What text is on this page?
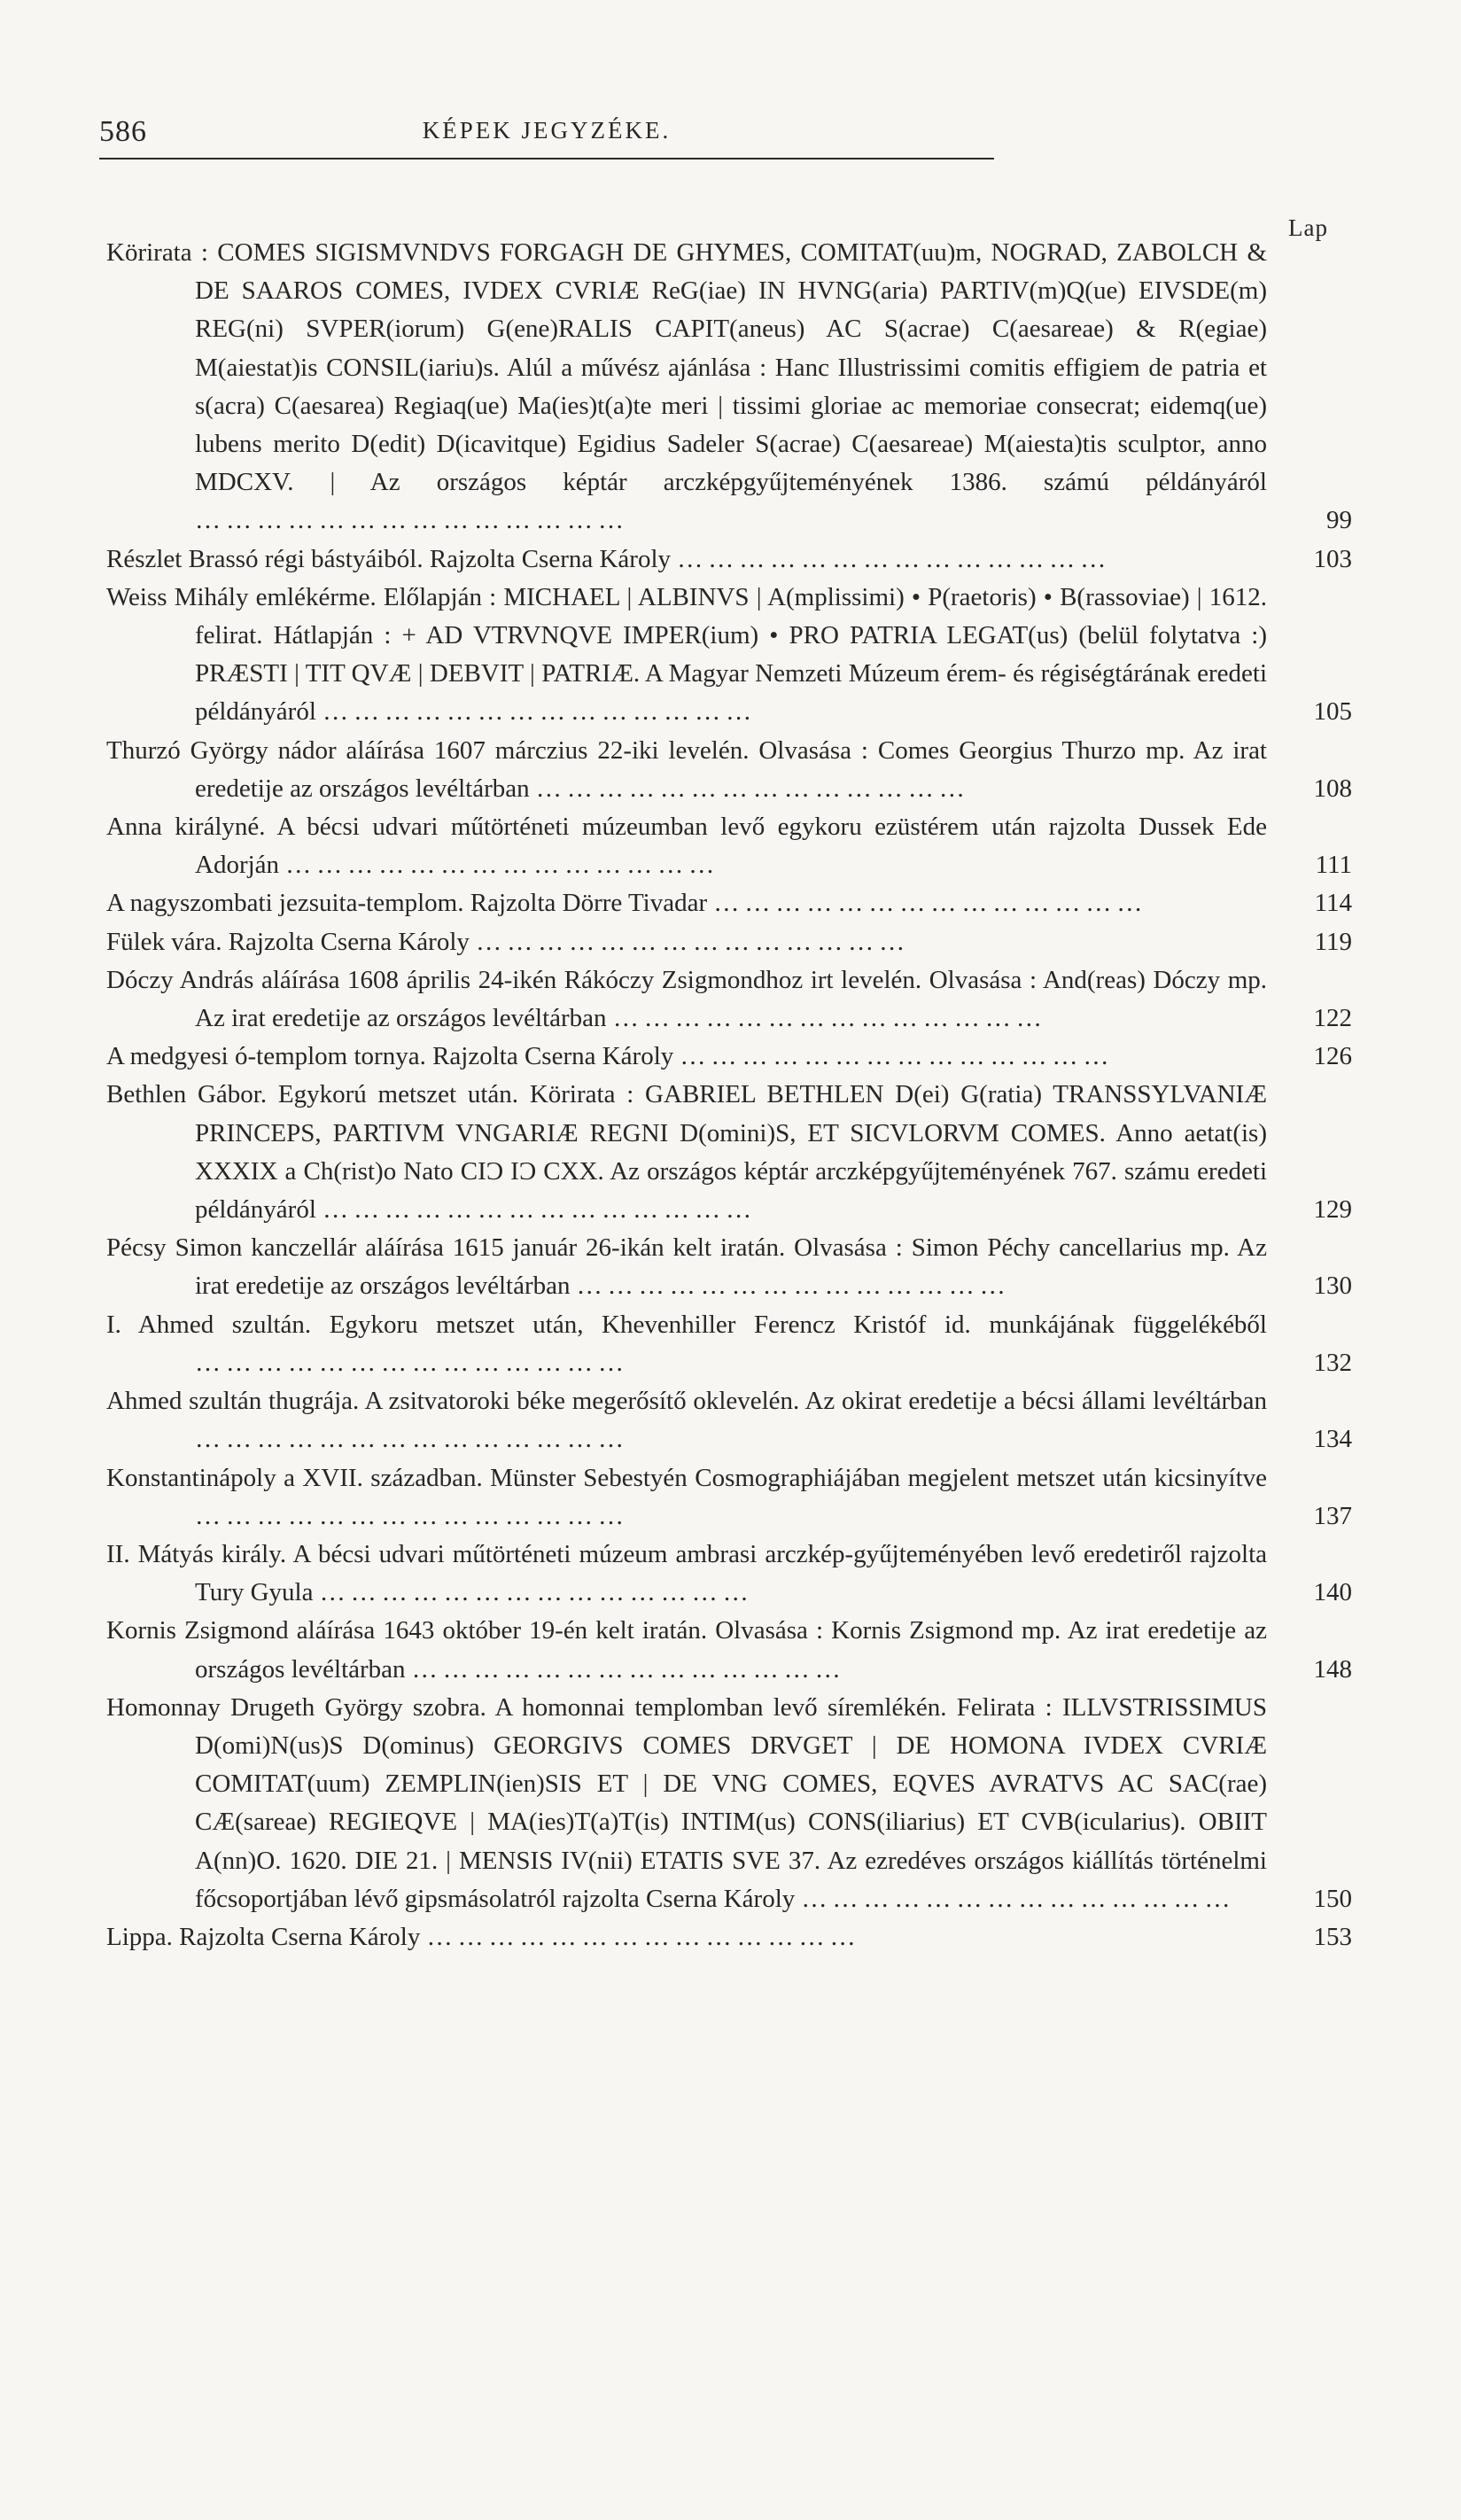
586	KÉPEK JEGYZÉKE.
Lap
Körirata : COMES SIGISMVNDVS FORGAGH DE GHYMES, COMITAT(uu)m, NOGRAD, ZABOLCH & DE SAAROS COMES, IVDEX CVRIÆ ReG(iae) IN HVNG(aria) PARTIV(m)Q(ue) EIVSDE(m) REG(ni) SVPER(iorum) G(ene)RALIS CAPIT(aneus) AC S(acrae) C(aesareae) & R(egiae) M(aiestat)is CONSIL(iariu)s. Alúl a művész ajánlása : Hanc Illustrissimi comitis effigiem de patria et s(acra) C(aesarea) Regiaq(ue) Ma(ies)t(a)te meri | tissimi gloriae ac memoriae consecrat; eidemq(ue) lubens merito D(edit) D(icavitque) Egidius Sadeler S(acrae) C(aesareae) M(aiesta)tis sculptor, anno MDCXV. | Az országos képtár arczképgyűjteményének 1386. számú példányáról ……………………………………	99
Részlet Brassó régi bástyáiból. Rajzolta Cserna Károly ……………………………………	103
Weiss Mihály emlékérme. Előlapján : MICHAEL | ALBINVS | A(mplissimi) • P(raetoris) • B(rassoviae) | 1612. felirat. Hátlapján : + AD VTRVNQVE IMPER(ium) • PRO PATRIA LEGAT(us) (belül folytatva :) PRÆSTI | TIT QVÆ | DEBVIT | PATRIÆ. A Magyar Nemzeti Múzeum érem- és régiségtárának eredeti példányáról ……………………………………	105
Thurzó György nádor aláírása 1607 márczius 22-iki levelén. Olvasása : Comes Georgius Thurzo mp. Az irat eredetije az országos levéltárban ……………………………………	108
Anna királyné. A bécsi udvari műtörténeti múzeumban levő egykoru ezüstérem után rajzolta Dussek Ede Adorján ……………………………………	111
A nagyszombati jezsuita-templom. Rajzolta Dörre Tivadar ……………………………………	114
Fülek vára. Rajzolta Cserna Károly ……………………………………	119
Dóczy András aláírása 1608 április 24-ikén Rákóczy Zsigmondhoz irt levelén. Olvasása : And(reas) Dóczy mp. Az irat eredetije az országos levéltárban ……………………………………	122
A medgyesi ó-templom tornya. Rajzolta Cserna Károly ……………………………………	126
Bethlen Gábor. Egykorú metszet után. Körirata : GABRIEL BETHLEN D(ei) G(ratia) TRANSSYLVANIÆ PRINCEPS, PARTIVM VNGARIÆ REGNI D(omini)S, ET SICVLORVM COMES. Anno aetat(is) XXXIX a Ch(rist)o Nato CIƆ IƆ CXX. Az országos képtár arczképgyűjteményének 767. számu eredeti példányáról ……………………………………	129
Pécsy Simon kanczellár aláírása 1615 január 26-ikán kelt iratán. Olvasása : Simon Péchy cancellarius mp. Az irat eredetije az országos levéltárban ……………………………………	130
I. Ahmed szultán. Egykoru metszet után, Khevenhiller Ferencz Kristóf id. munkájának függelékéből ……………………………………	132
Ahmed szultán thugrája. A zsitvatoroki béke megerősítő oklevelén. Az okirat eredetije a bécsi állami levéltárban ……………………………………	134
Konstantinápoly a XVII. században. Münster Sebestyén Cosmographiájában megjelent metszet után kicsinyítve ……………………………………	137
II. Mátyás király. A bécsi udvari műtörténeti múzeum ambrasi arczkép-gyűjteményében levő eredetiről rajzolta Tury Gyula ……………………………………	140
Kornis Zsigmond aláírása 1643 október 19-én kelt iratán. Olvasása : Kornis Zsigmond mp. Az irat eredetije az országos levéltárban ……………………………………	148
Homonnay Drugeth György szobra. A homonnai templomban levő síremlékén. Felirata : ILLVSTRISSIMUS D(omi)N(us)S D(ominus) GEORGIVS COMES DRVGET | DE HOMONA IVDEX CVRIÆ COMITAT(uum) ZEMPLIN(ien)SIS ET | DE VNG COMES, EQVES AVRATVS AC SAC(rae) CÆ(sareae) REGIEQVE | MA(ies)T(a)T(is) INTIM(us) CONS(iliarius) ET CVB(icularius). OBIIT A(nn)O. 1620. DIE 21. | MENSIS IV(nii) ETATIS SVE 37. Az ezredéves országos kiállítás történelmi főcsoportjában lévő gipsmásolatról rajzolta Cserna Károly ……………………………………	150
Lippa. Rajzolta Cserna Károly ……………………………………	153
